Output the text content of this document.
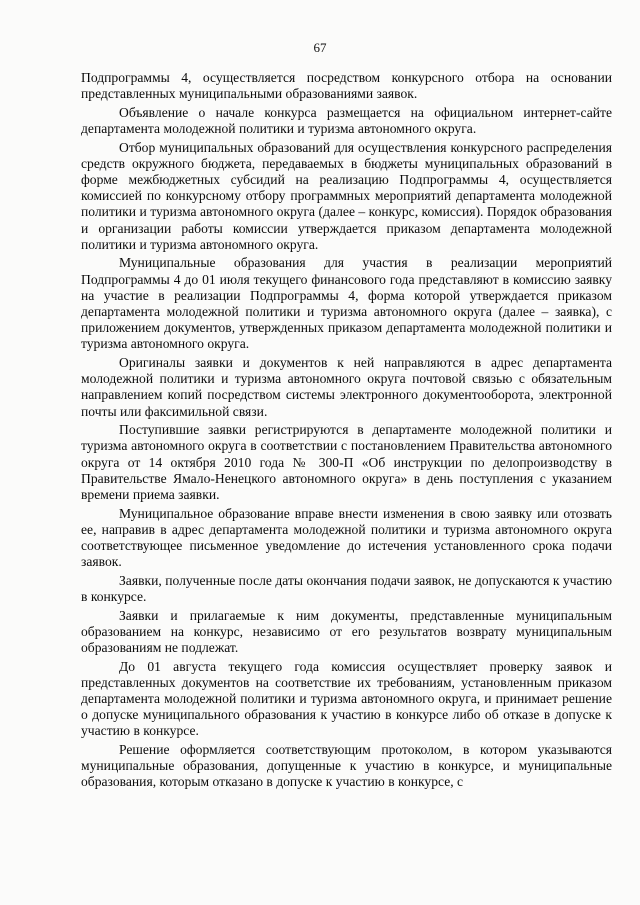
67

Подпрограммы 4, осуществляется посредством конкурсного отбора на основании представленных муниципальными образованиями заявок.

Объявление о начале конкурса размещается на официальном интернет-сайте департамента молодежной политики и туризма автономного округа.

Отбор муниципальных образований для осуществления конкурсного распределения средств окружного бюджета, передаваемых в бюджеты муниципальных образований в форме межбюджетных субсидий на реализацию Подпрограммы 4, осуществляется комиссией по конкурсному отбору программных мероприятий департамента молодежной политики и туризма автономного округа (далее – конкурс, комиссия). Порядок образования и организации работы комиссии утверждается приказом департамента молодежной политики и туризма автономного округа.

Муниципальные образования для участия в реализации мероприятий Подпрограммы 4 до 01 июля текущего финансового года представляют в комиссию заявку на участие в реализации Подпрограммы 4, форма которой утверждается приказом департамента молодежной политики и туризма автономного округа (далее – заявка), с приложением документов, утвержденных приказом департамента молодежной политики и туризма автономного округа.

Оригиналы заявки и документов к ней направляются в адрес департамента молодежной политики и туризма автономного округа почтовой связью с обязательным направлением копий посредством системы электронного документооборота, электронной почты или факсимильной связи.

Поступившие заявки регистрируются в департаменте молодежной политики и туризма автономного округа в соответствии с постановлением Правительства автономного округа от 14 октября 2010 года № 300-П «Об инструкции по делопроизводству в Правительстве Ямало-Ненецкого автономного округа» в день поступления с указанием времени приема заявки.

Муниципальное образование вправе внести изменения в свою заявку или отозвать ее, направив в адрес департамента молодежной политики и туризма автономного округа соответствующее письменное уведомление до истечения установленного срока подачи заявок.

Заявки, полученные после даты окончания подачи заявок, не допускаются к участию в конкурсе.

Заявки и прилагаемые к ним документы, представленные муниципальным образованием на конкурс, независимо от его результатов возврату муниципальным образованиям не подлежат.

До 01 августа текущего года комиссия осуществляет проверку заявок и представленных документов на соответствие их требованиям, установленным приказом департамента молодежной политики и туризма автономного округа, и принимает решение о допуске муниципального образования к участию в конкурсе либо об отказе в допуске к участию в конкурсе.

Решение оформляется соответствующим протоколом, в котором указываются муниципальные образования, допущенные к участию в конкурсе, и муниципальные образования, которым отказано в допуске к участию в конкурсе, с
